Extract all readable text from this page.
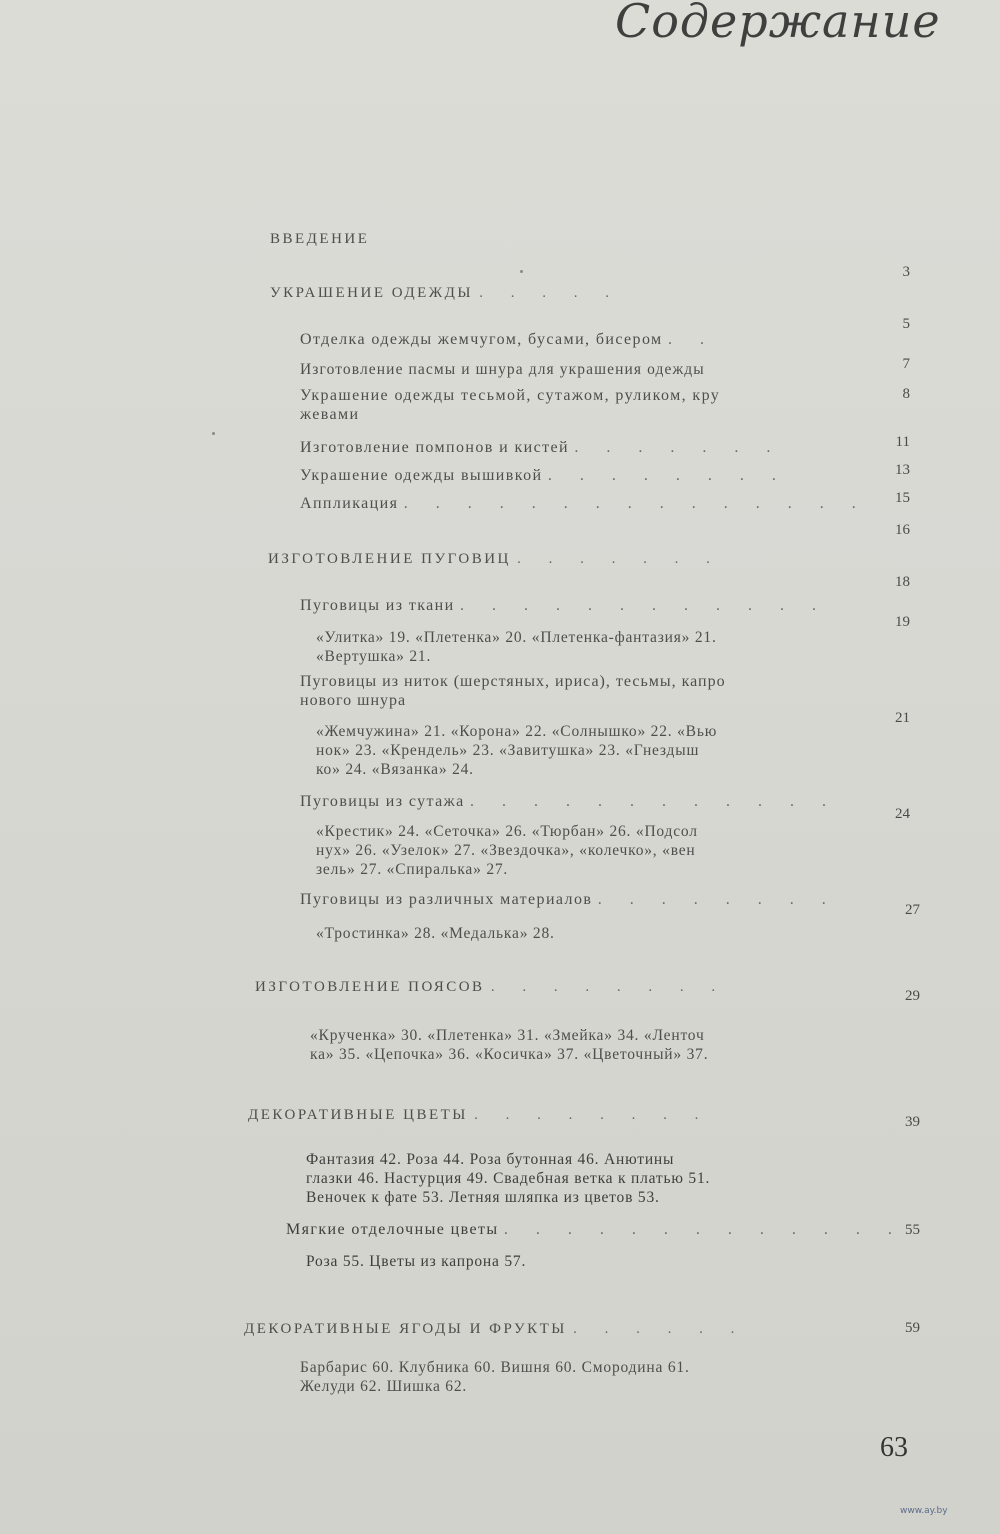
Содержание
ВВЕДЕНИЕ
3
УКРАШЕНИЕ ОДЕЖДЫ . . . . .
5
Отделка одежды жемчугом, бусами, бисером . .
7
Изготовление пасмы и шнура для украшения одежды
8
Украшение одежды тесьмой, сутажом, руликом, кру
жевами
11
Изготовление помпонов и кистей . . . . . . .
13
Украшение одежды вышивкой . . . . . . . .
15
Аппликация . . . . . . . . . . . . . . .
16
ИЗГОТОВЛЕНИЕ ПУГОВИЦ . . . . . . .
18
Пуговицы из ткани . . . . . . . . . . . .
19
«Улитка» 19. «Плетенка» 20. «Плетенка-фантазия» 21.
«Вертушка» 21.
Пуговицы из ниток (шерстяных, ириса), тесьмы, капро
нового шнура
21
«Жемчужина» 21. «Корона» 22. «Солнышко» 22. «Вью
нок» 23. «Крендель» 23. «Завитушка» 23. «Гнездыш
ко» 24. «Вязанка» 24.
Пуговицы из сутажа . . . . . . . . . . . .
24
«Крестик» 24. «Сеточка» 26. «Тюрбан» 26. «Подсол
нух» 26. «Узелок» 27. «Звездочка», «колечко», «вен
зель» 27. «Спиралька» 27.
Пуговицы из различных материалов . . . . . . . .
27
«Тростинка» 28. «Медалька» 28.
ИЗГОТОВЛЕНИЕ ПОЯСОВ . . . . . . . .
29
«Крученка» 30. «Плетенка» 31. «Змейка» 34. «Ленточ
ка» 35. «Цепочка» 36. «Косичка» 37. «Цветочный» 37.
ДЕКОРАТИВНЫЕ ЦВЕТЫ . . . . . . . .	39
Фантазия 42. Роза 44. Роза бутонная 46. Анютины
глазки 46. Настурция 49. Свадебная ветка к платью 51.
Веночек к фате 53. Летняя шляпка из цветов 53.
Мягкие отделочные цветы . . . . . . . . . . . . . 55
Роза 55. Цветы из капрона 57.
ДЕКОРАТИВНЫЕ ЯГОДЫ И ФРУКТЫ . . . . . .	59
Барбарис 60. Клубника 60. Вишня 60. Смородина 61.
Желуди 62. Шишка 62.
63
www.ay.by
